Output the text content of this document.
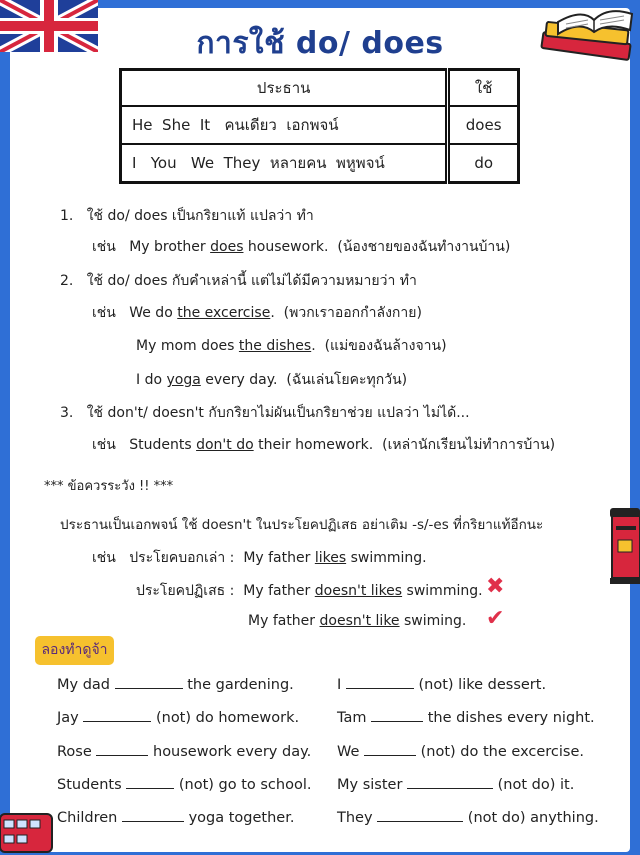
การใช้ do/ does
ประธาน	ใช้
He  She  It   คนเดียว  เอกพจน์	does
I   You   We  They  หลายคน  พหูพจน์	do
1. ใช้ do/ does เป็นกริยาแท้ แปลว่า ทำ
เช่น My brother does housework. (น้องชายของฉันทำงานบ้าน)
2. ใช้ do/ does กับคำเหล่านี้ แต่ไม่ได้มีความหมายว่า ทำ
เช่น We do the excercise. (พวกเราออกกำลังกาย)
My mom does the dishes. (แม่ของฉันล้างจาน)
I do yoga every day. (ฉันเล่นโยคะทุกวัน)
3. ใช้ don't/ doesn't กับกริยาไม่ผันเป็นกริยาช่วย แปลว่า ไม่ได้...
เช่น Students don't do their homework. (เหล่านักเรียนไม่ทำการบ้าน)
*** ข้อควรระวัง !! ***
ประธานเป็นเอกพจน์ ใช้ doesn't ในประโยคปฏิเสธ อย่าเติม -s/-es ที่กริยาแท้อีกนะ
เช่น ประโยคบอกเล่า : My father likes swimming.
ประโยคปฏิเสธ : My father doesn't likes swimming. ✖
My father doesn't like swiming. ✔
ลองทำดูจ้า
My dad	the gardening.
Jay	(not) do homework.
Rose	housework every day.
Students	(not) go to school.
Children	yoga together.
I	(not) like dessert.
Tam	the dishes every night.
We	(not) do the excercise.
My sister	(not do) it.
They	(not do) anything.
